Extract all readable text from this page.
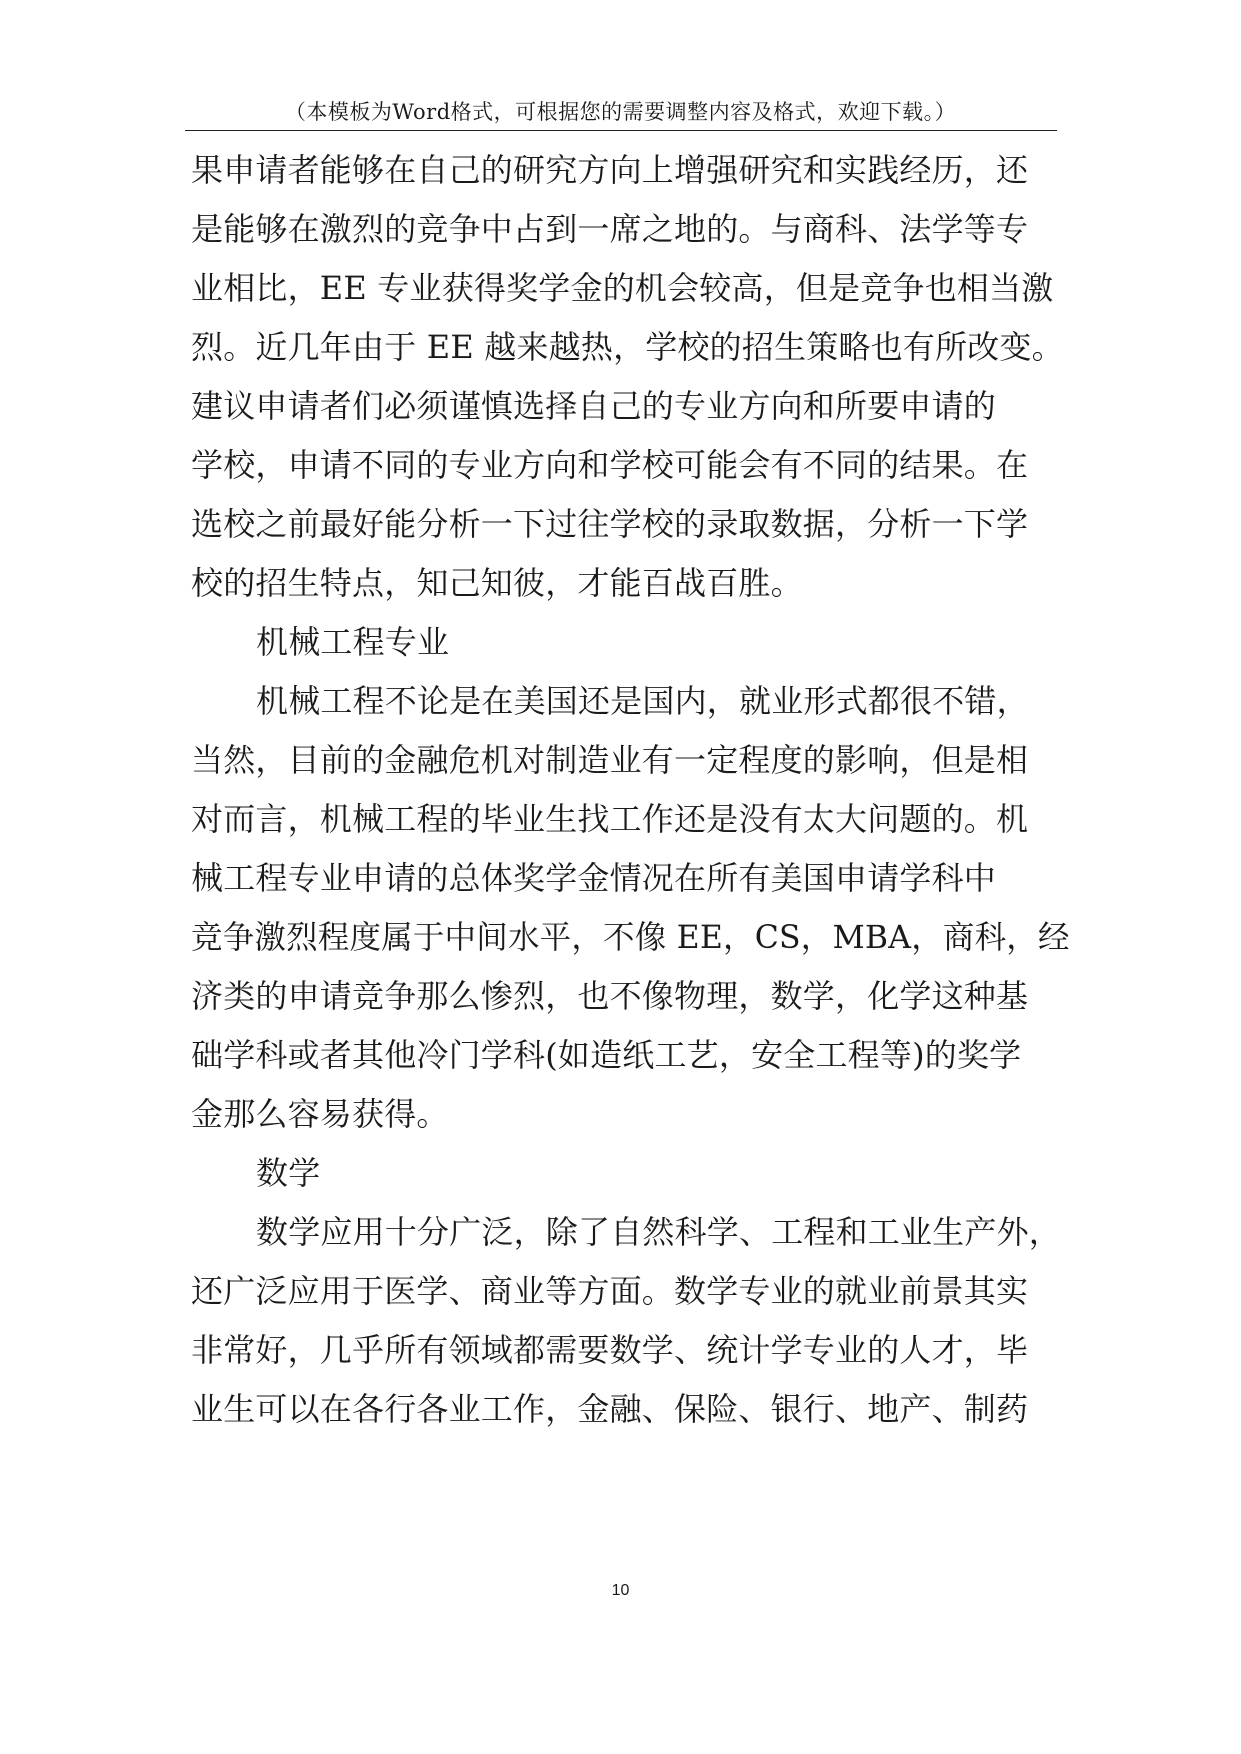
（本模板为Word格式，可根据您的需要调整内容及格式，欢迎下载。）
果申请者能够在自己的研究方向上增强研究和实践经历，还
是能够在激烈的竞争中占到一席之地的。与商科、法学等专
业相比，EE 专业获得奖学金的机会较高，但是竞争也相当激
烈。近几年由于 EE 越来越热，学校的招生策略也有所改变。
建议申请者们必须谨慎选择自己的专业方向和所要申请的
学校，申请不同的专业方向和学校可能会有不同的结果。在
选校之前最好能分析一下过往学校的录取数据，分析一下学
校的招生特点，知己知彼，才能百战百胜。
机械工程专业
机械工程不论是在美国还是国内，就业形式都很不错，
当然，目前的金融危机对制造业有一定程度的影响，但是相
对而言，机械工程的毕业生找工作还是没有太大问题的。机
械工程专业申请的总体奖学金情况在所有美国申请学科中
竞争激烈程度属于中间水平，不像 EE，CS，MBA，商科，经
济类的申请竞争那么惨烈，也不像物理，数学，化学这种基
础学科或者其他冷门学科(如造纸工艺，安全工程等)的奖学
金那么容易获得。
数学
数学应用十分广泛，除了自然科学、工程和工业生产外，
还广泛应用于医学、商业等方面。数学专业的就业前景其实
非常好，几乎所有领域都需要数学、统计学专业的人才，毕
业生可以在各行各业工作，金融、保险、银行、地产、制药
10
